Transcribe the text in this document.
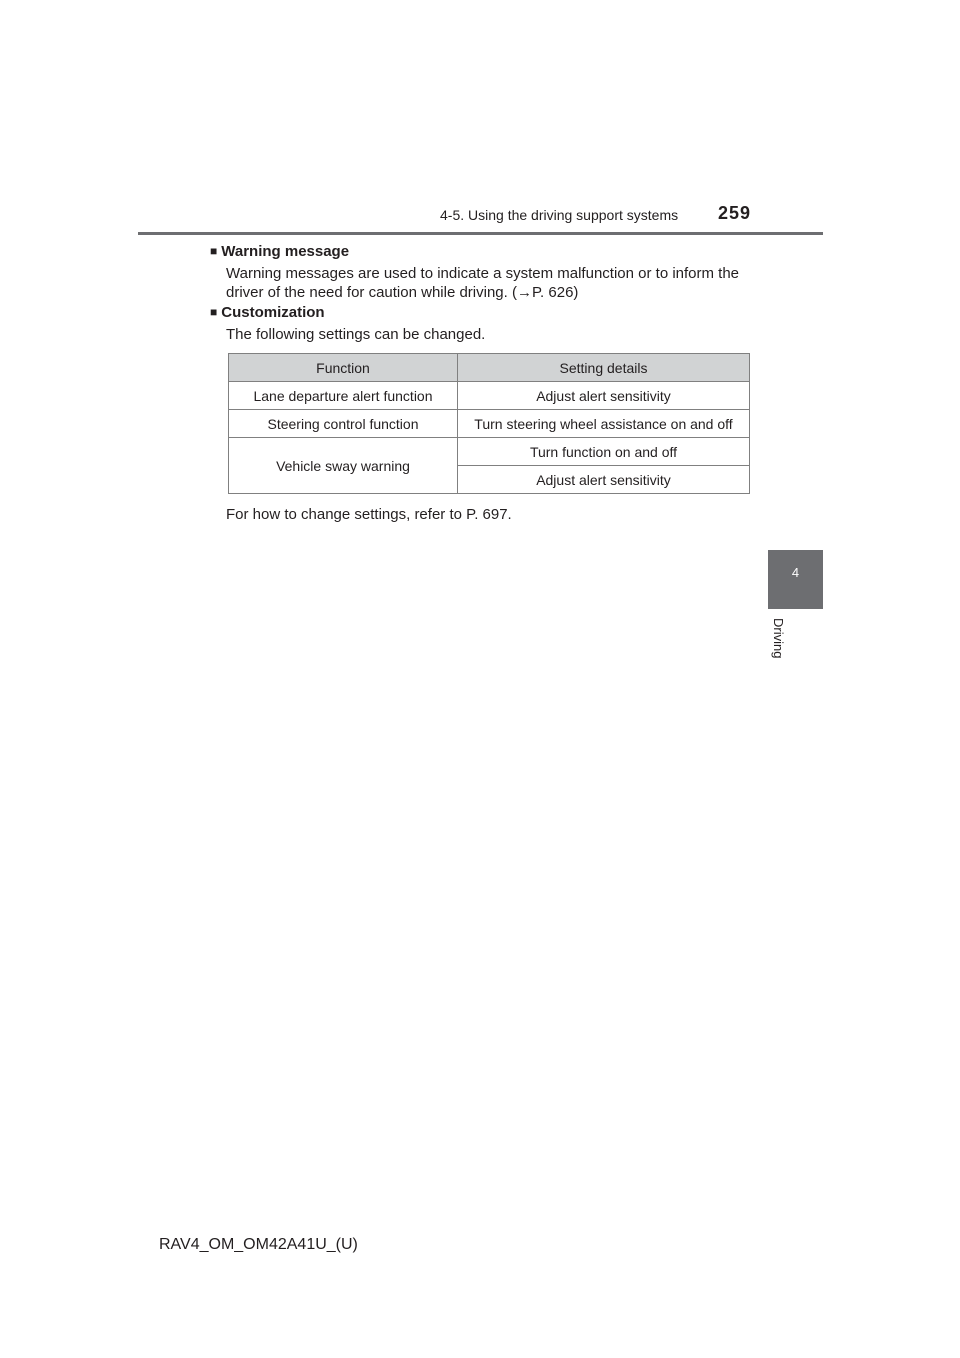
4-5. Using the driving support systems 259
4
Driving
■ Warning message
Warning messages are used to indicate a system malfunction or to inform the
driver of the need for caution while driving. (→P. 626)
■ Customization
The following settings can be changed.
Function	Setting details
Lane departure alert function	Adjust alert sensitivity
Steering control function	Turn steering wheel assistance on and off
Vehicle sway warning	Turn function on and off
	Adjust alert sensitivity
For how to change settings, refer to P. 697.
RAV4_OM_OM42A41U_(U)
